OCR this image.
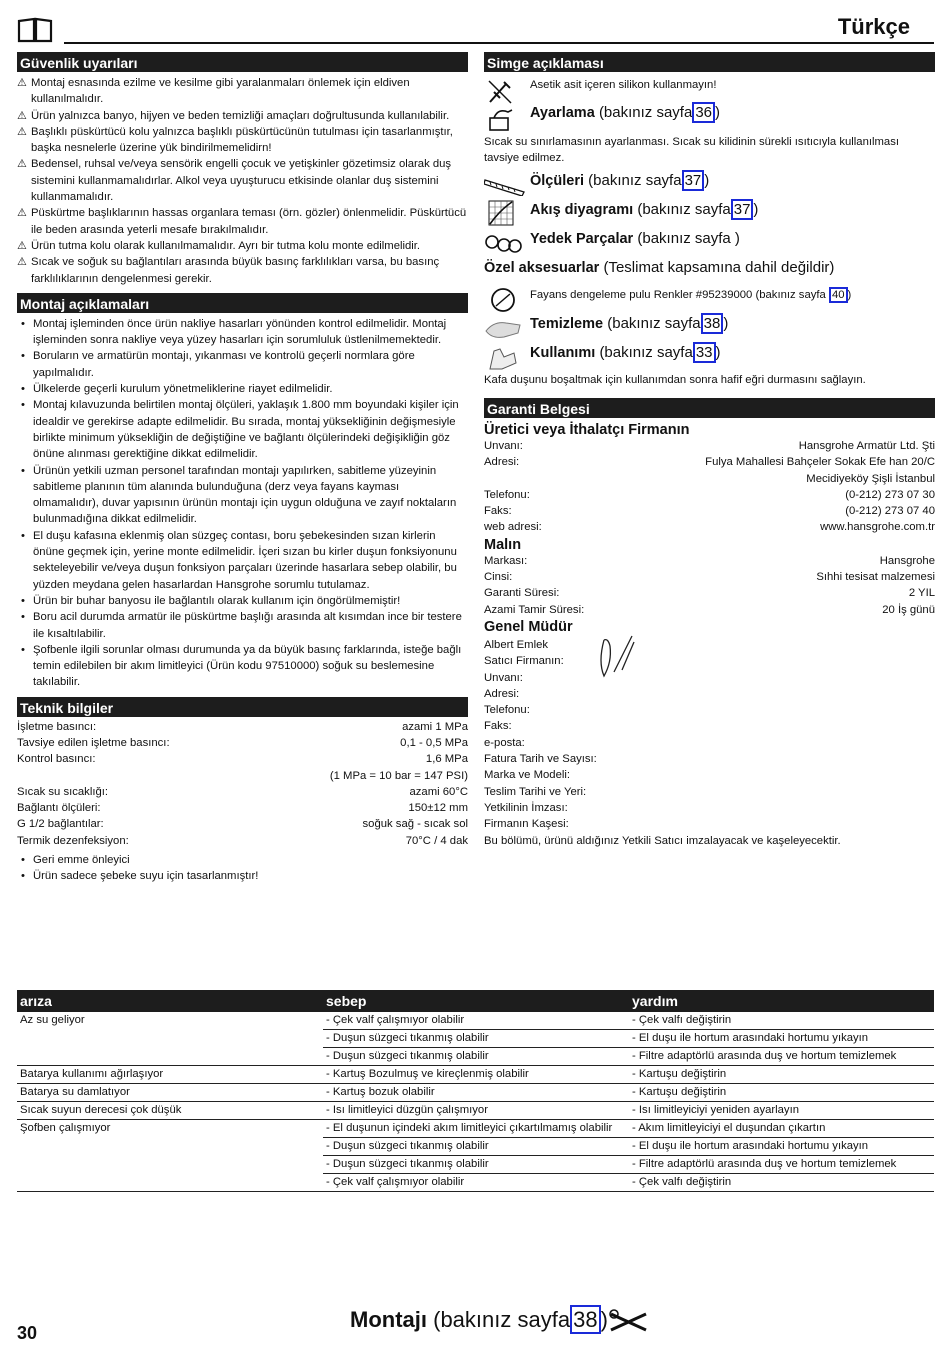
Türkçe
Güvenlik uyarıları
⚠ Montaj esnasında ezilme ve kesilme gibi yaralanmaları önlemek için eldiven kullanılmalıdır.
⚠ Ürün yalnızca banyo, hijyen ve beden temizliği amaçları doğrultusunda kullanılabilir.
⚠ Başlıklı püskürtücü kolu yalnızca başlıklı püskürtücünün tutulması için tasarlanmıştır, başka nesnelerle üzerine yük bindirilmemelidirn!
⚠ Bedensel, ruhsal ve/veya sensörik engelli çocuk ve yetişkinler gözetimsiz olarak duş sistemini kullanmamalıdırlar. Alkol veya uyuşturucu etkisinde olanlar duş sistemini kullanmamalıdır.
⚠ Püskürtme başlıklarının hassas organlara teması (örn. gözler) önlenmelidir. Püskürtücü ile beden arasında yeterli mesafe bırakılmalıdır.
⚠ Ürün tutma kolu olarak kullanılmamalıdır. Ayrı bir tutma kolu monte edilmelidir.
⚠ Sıcak ve soğuk su bağlantıları arasında büyük basınç farklılıkları varsa, bu basınç farklılıklarının dengelenmesi gerekir.
Montaj açıklamaları
• Montaj işleminden önce ürün nakliye hasarları yönünden kontrol edilmelidir. Montaj işleminden sonra nakliye veya yüzey hasarları için sorumluluk üstlenilmemektedir.
• Boruların ve armatürün montajı, yıkanması ve kontrolü geçerli normlara göre yapılmalıdır.
• Ülkelerde geçerli kurulum yönetmeliklerine riayet edilmelidir.
• Montaj kılavuzunda belirtilen montaj ölçüleri, yaklaşık 1.800 mm boyundaki kişiler için idealdir ve gerekirse adapte edilmelidir. Bu sırada, montaj yüksekliğinin değişmesiyle birlikte minimum yüksekliğin de değiştiğine ve bağlantı ölçülerindeki değişikliğin göz önüne alınması gerektiğine dikkat edilmelidir.
• Ürünün yetkili uzman personel tarafından montajı yapılırken, sabitleme yüzeyinin sabitleme planının tüm alanında bulunduğuna (derz veya fayans kayması olmamalıdır), duvar yapısının ürünün montajı için uygun olduğuna ve zayıf noktaların bulunmadığına dikkat edilmelidir.
• El duşu kafasına eklenmiş olan süzgeç contası, boru şebekesinden sızan kirlerin önüne geçmek için, yerine monte edilmelidir. İçeri sızan bu kirler duşun fonksiyonunu sekteleyebilir ve/veya duşun fonksiyon parçaları üzerinde hasarlara sebep olabilir, bu yüzden meydana gelen hasarlardan Hansgrohe sorumlu tutulamaz.
• Ürün bir buhar banyosu ile bağlantılı olarak kullanım için öngörülmemiştir!
• Boru acil durumda armatür ile püskürtme başlığı arasında alt kısımdan ince bir testere ile kısaltılabilir.
• Şofbenle ilgili sorunlar olması durumunda ya da büyük basınç farklarında, isteğe bağlı temin edilebilen bir akım limitleyici (Ürün kodu 97510000) soğuk su beslemesine takılabilir.
Teknik bilgiler
İşletme basıncı:	azami 1 MPa
Tavsiye edilen işletme basıncı:	0,1 - 0,5 MPa
Kontrol basıncı:	1,6 MPa
(1 MPa = 10 bar = 147 PSI)
Sıcak su sıcaklığı:	azami 60°C
Bağlantı ölçüleri:	150±12 mm
G 1/2 bağlantılar:	soğuk sağ - sıcak sol
Termik dezenfeksiyon:	70°C / 4 dak
• Geri emme önleyici
• Ürün sadece şebeke suyu için tasarlanmıştır!
Simge açıklaması
Asetik asit içeren silikon kullanmayın!
Ayarlama (bakınız sayfa 36 )
Sıcak su sınırlamasının ayarlanması. Sıcak su kilidinin sürekli ısıtıcıyla kullanılması tavsiye edilmez.
Ölçüleri (bakınız sayfa 37 )
Akış diyagramı (bakınız sayfa 37 )
Yedek Parçalar (bakınız sayfa )
Özel aksesuarlar (Teslimat kapsamına dahil değildir)
Fayans dengeleme pulu Renkler #95239000 (bakınız sayfa 40 )
Temizleme (bakınız sayfa 38 )
Kullanımı (bakınız sayfa 33 )
Kafa duşunu boşaltmak için kullanımdan sonra hafif eğri durmasını sağlayın.
Garanti Belgesi
Üretici veya İthalatçı Firmanın
Unvanı:	Hansgrohe Armatür Ltd. Şti
Adresi:	Fulya Mahallesi Bahçeler Sokak Efe han 20/C
Mecidiyeköy Şişli İstanbul
Telefonu:	(0-212) 273 07 30
Faks:	(0-212) 273 07 40
web adresi:	www.hansgrohe.com.tr
Malın
Markası:	Hansgrohe
Cinsi:	Sıhhi tesisat malzemesi
Garanti Süresi:	2 YIL
Azami Tamir Süresi:	20 İş günü
Genel Müdür
Albert Emlek
Satıcı Firmanın:
Unvanı:
Adresi:
Telefonu:
Faks:
e-posta:
Fatura Tarih ve Sayısı:
Marka ve Modeli:
Teslim Tarihi ve Yeri:
Yetkilinin İmzası:
Firmanın Kaşesi:
Bu bölümü, ürünü aldığınız Yetkili Satıcı imzalayacak ve kaşeleyecektir.
arıza	sebep	yardım
Az su geliyor	- Çek valf çalışmıyor olabilir	- Çek valfı değiştirin
	- Duşun süzgeci tıkanmış olabilir	- El duşu ile hortum arasındaki hortumu yıkayın
	- Duşun süzgeci tıkanmış olabilir	- Filtre adaptörlü arasında duş ve hortum temizlemek
Batarya kullanımı ağırlaşıyor	- Kartuş Bozulmuş ve kireçlenmiş olabilir	- Kartuşu değiştirin
Batarya su damlatıyor	- Kartuş bozuk olabilir	- Kartuşu değiştirin
Sıcak suyun derecesi çok düşük	- Isı limitleyici düzgün çalışmıyor	- Isı limitleyiciyi yeniden ayarlayın
Şofben çalışmıyor	- El duşunun içindeki akım limitleyici çıkartılmamış olabilir	- Akım limitleyiciyi el duşundan çıkartın
	- Duşun süzgeci tıkanmış olabilir	- El duşu ile hortum arasındaki hortumu yıkayın
	- Duşun süzgeci tıkanmış olabilir	- Filtre adaptörlü arasında duş ve hortum temizlemek
	- Çek valf çalışmıyor olabilir	- Çek valfı değiştirin
30
Montajı (bakınız sayfa 38 )
